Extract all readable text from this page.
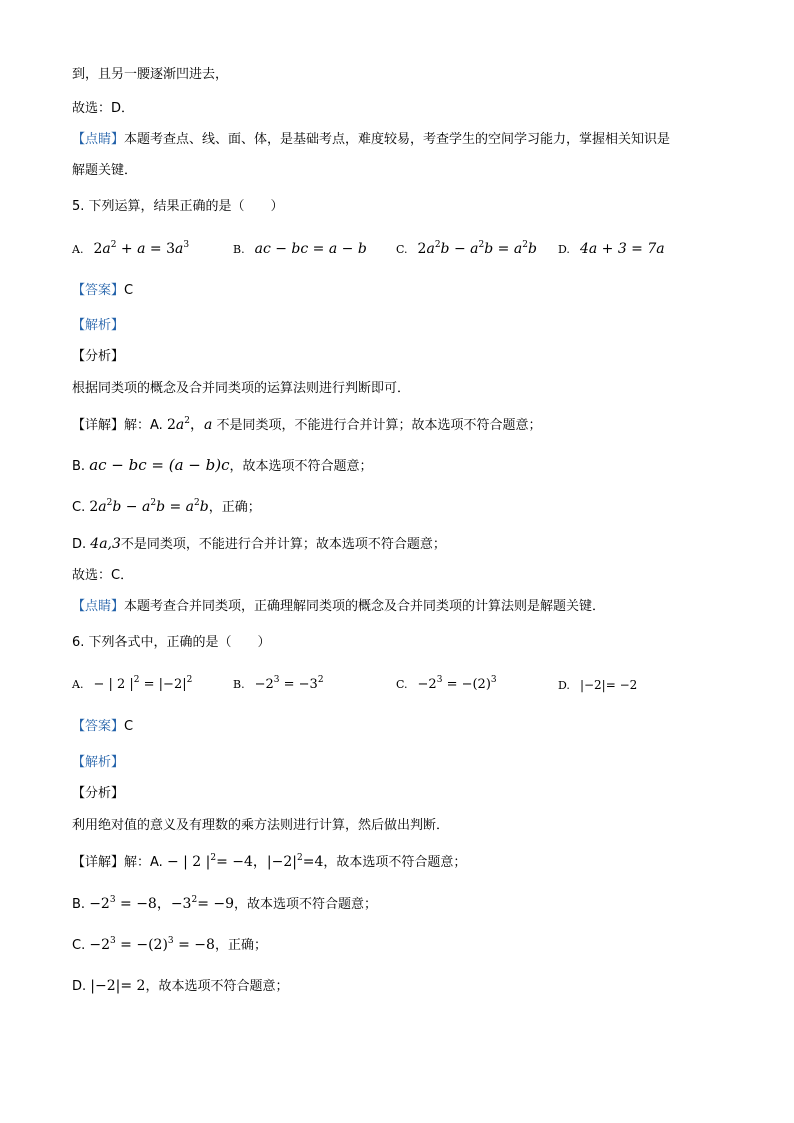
到，且另一腰逐渐凹进去，
故选：D．
【点睛】本题考查点、线、面、体，是基础考点，难度较易，考查学生的空间学习能力，掌握相关知识是
解题关键．
5. 下列运算，结果正确的是（　　）
A. $2a^2 + a = 3a^3$	B. ac − bc = a − b	C. $2a^2b - a^2b = a^2b$ D. 4a + 3 = 7a
【答案】C
【解析】
【分析】
根据同类项的概念及合并同类项的运算法则进行判断即可．
【详解】解：A. $2a^2$，a 不是同类项，不能进行合并计算；故本选项不符合题意；
B. ac − bc = (a − b)c，故本选项不符合题意；
C. $2a^2b - a^2b = a^2b$，正确；
D. 4a,3不是同类项，不能进行合并计算；故本选项不符合题意；
故选：C．
【点睛】本题考查合并同类项，正确理解同类项的概念及合并同类项的计算法则是解题关键．
6. 下列各式中，正确的是（　　）
A. − | 2 $|^2 = |-2|^2$	B. $-2^3 = -3^2$	C. $-2^3 = -(2)^3$	D. |−2|= −2
【答案】C
【解析】
【分析】
利用绝对值的意义及有理数的乘方法则进行计算，然后做出判断．
【详解】解：A. − | 2 $|^2= -4$，$|-2|^2=4$，故本选项不符合题意；
B. $-2^3 = -8$，$-3^2= -9$，故本选项不符合题意；
C. $-2^3 = -(2)^3 = -8$，正确；
D. |−2|= 2，故本选项不符合题意；
